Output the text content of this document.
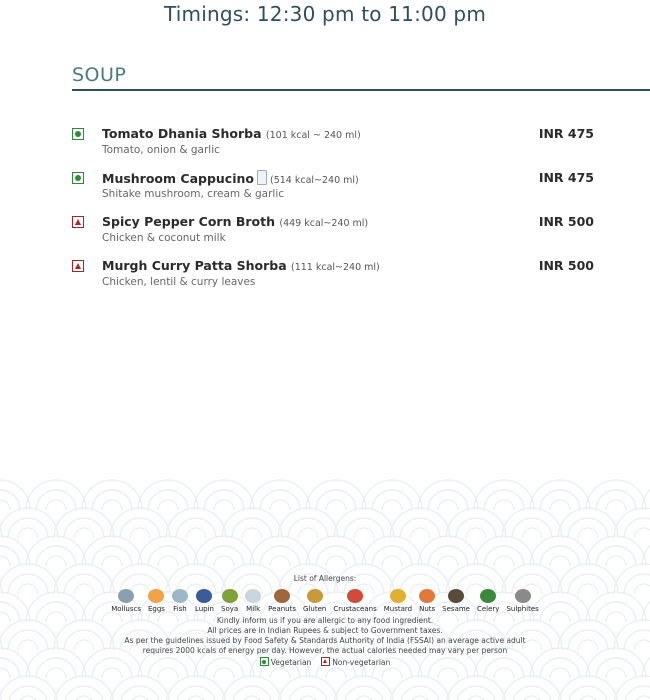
Timings: 12:30 pm to 11:00 pm
SOUP
Tomato Dhania Shorba (101 kcal ~ 240 ml)
Tomato, onion & garlic
INR 475
Mushroom Cappucino (514 kcal~240 ml)
Shitake mushroom, cream & garlic
INR 475
Spicy Pepper Corn Broth (449 kcal~240 ml)
Chicken & coconut milk
INR 500
Murgh Curry Patta Shorba (111 kcal~240 ml)
Chicken, lentil & curry leaves
INR 500
List of Allergens:
Molluscs Eggs Fish Lupin Soya Milk Peanuts Gluten Crustaceans Mustard Nuts Sesame Celery Sulphites
Kindly inform us if you are allergic to any food ingredient.
All prices are in Indian Rupees & subject to Government taxes.
As per the guidelines issued by Food Safety & Standards Authority of India (FSSAI) an average active adult
requires 2000 kcals of energy per day. However, the actual calories needed may vary per person
Vegetarian	Non-vegetarian
